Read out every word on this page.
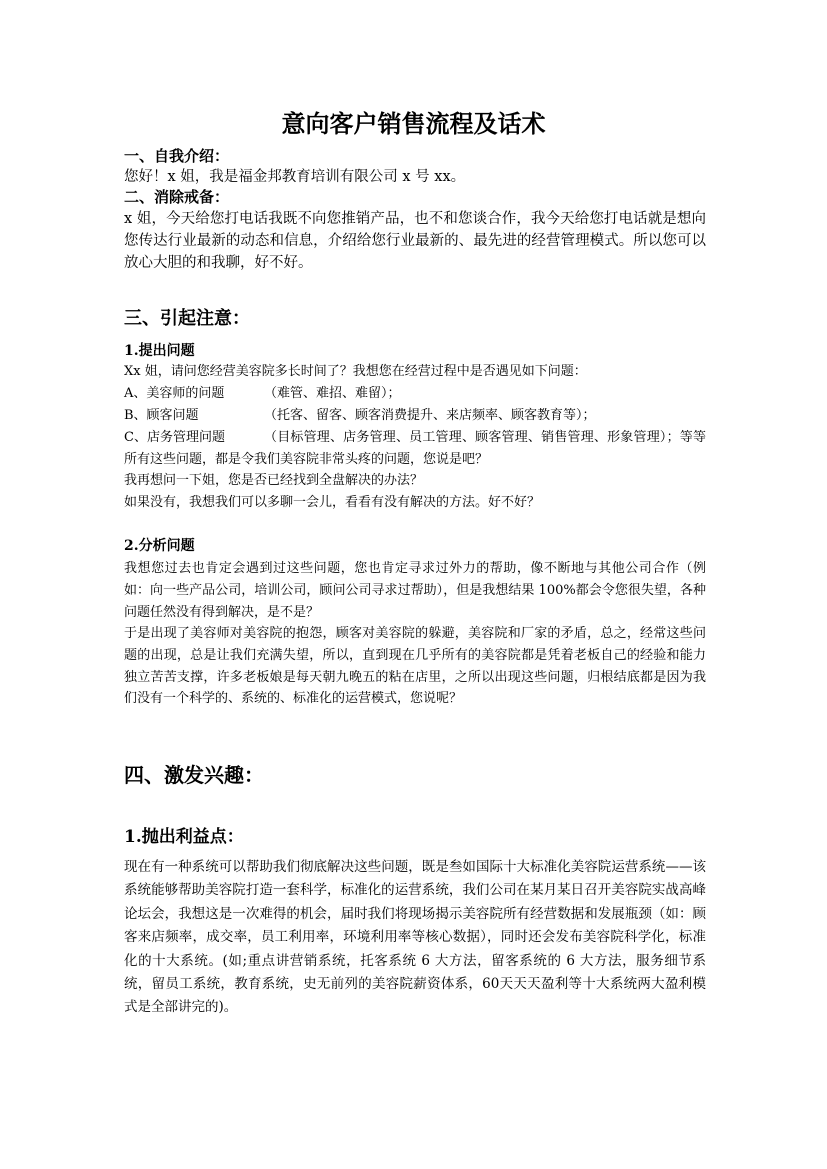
意向客户销售流程及话术
一、自我介绍：
您好！x 姐，我是福金邦教育培训有限公司 x 号 xx。
二、消除戒备：
x 姐，今天给您打电话我既不向您推销产品，也不和您谈合作，我今天给您打电话就是想向您传达行业最新的动态和信息，介绍给您行业最新的、最先进的经营管理模式。所以您可以放心大胆的和我聊，好不好。
三、引起注意：
1.提出问题
Xx 姐，请问您经营美容院多长时间了？我想您在经营过程中是否遇见如下问题：
A、美容师的问题	（难管、难招、难留）；
B、顾客问题	（托客、留客、顾客消费提升、来店频率、顾客教育等）；
C、店务管理问题	（目标管理、店务管理、员工管理、顾客管理、销售管理、形象管理）；等等所有这些问题，都是令我们美容院非常头疼的问题，您说是吧？
我再想问一下姐，您是否已经找到全盘解决的办法？
如果没有，我想我们可以多聊一会儿，看看有没有解决的方法。好不好？
2.分析问题
我想您过去也肯定会遇到过这些问题，您也肯定寻求过外力的帮助，像不断地与其他公司合作（例如：向一些产品公司，培训公司，顾问公司寻求过帮助），但是我想结果 100%都会令您很失望，各种问题任然没有得到解决，是不是？
于是出现了美容师对美容院的抱怨，顾客对美容院的躲避，美容院和厂家的矛盾，总之，经常这些问题的出现，总是让我们充满失望，所以，直到现在几乎所有的美容院都是凭着老板自己的经验和能力独立苦苦支撑，许多老板娘是每天朝九晚五的粘在店里，之所以出现这些问题，归根结底都是因为我们没有一个科学的、系统的、标准化的运营模式，您说呢？
四、激发兴趣：
1.抛出利益点：
现在有一种系统可以帮助我们彻底解决这些问题，既是叁如国际十大标准化美容院运营系统——该系统能够帮助美容院打造一套科学，标准化的运营系统，我们公司在某月某日召开美容院实战高峰论坛会，我想这是一次难得的机会，届时我们将现场揭示美容院所有经营数据和发展瓶颈（如：顾客来店频率，成交率，员工利用率，环境利用率等核心数据），同时还会发布美容院科学化，标准化的十大系统。(如;重点讲营销系统，托客系统 6 大方法，留客系统的 6 大方法，服务细节系统，留员工系统，教育系统，史无前列的美容院薪资体系，60天天天盈利等十大系统两大盈利模式是全部讲完的)。
